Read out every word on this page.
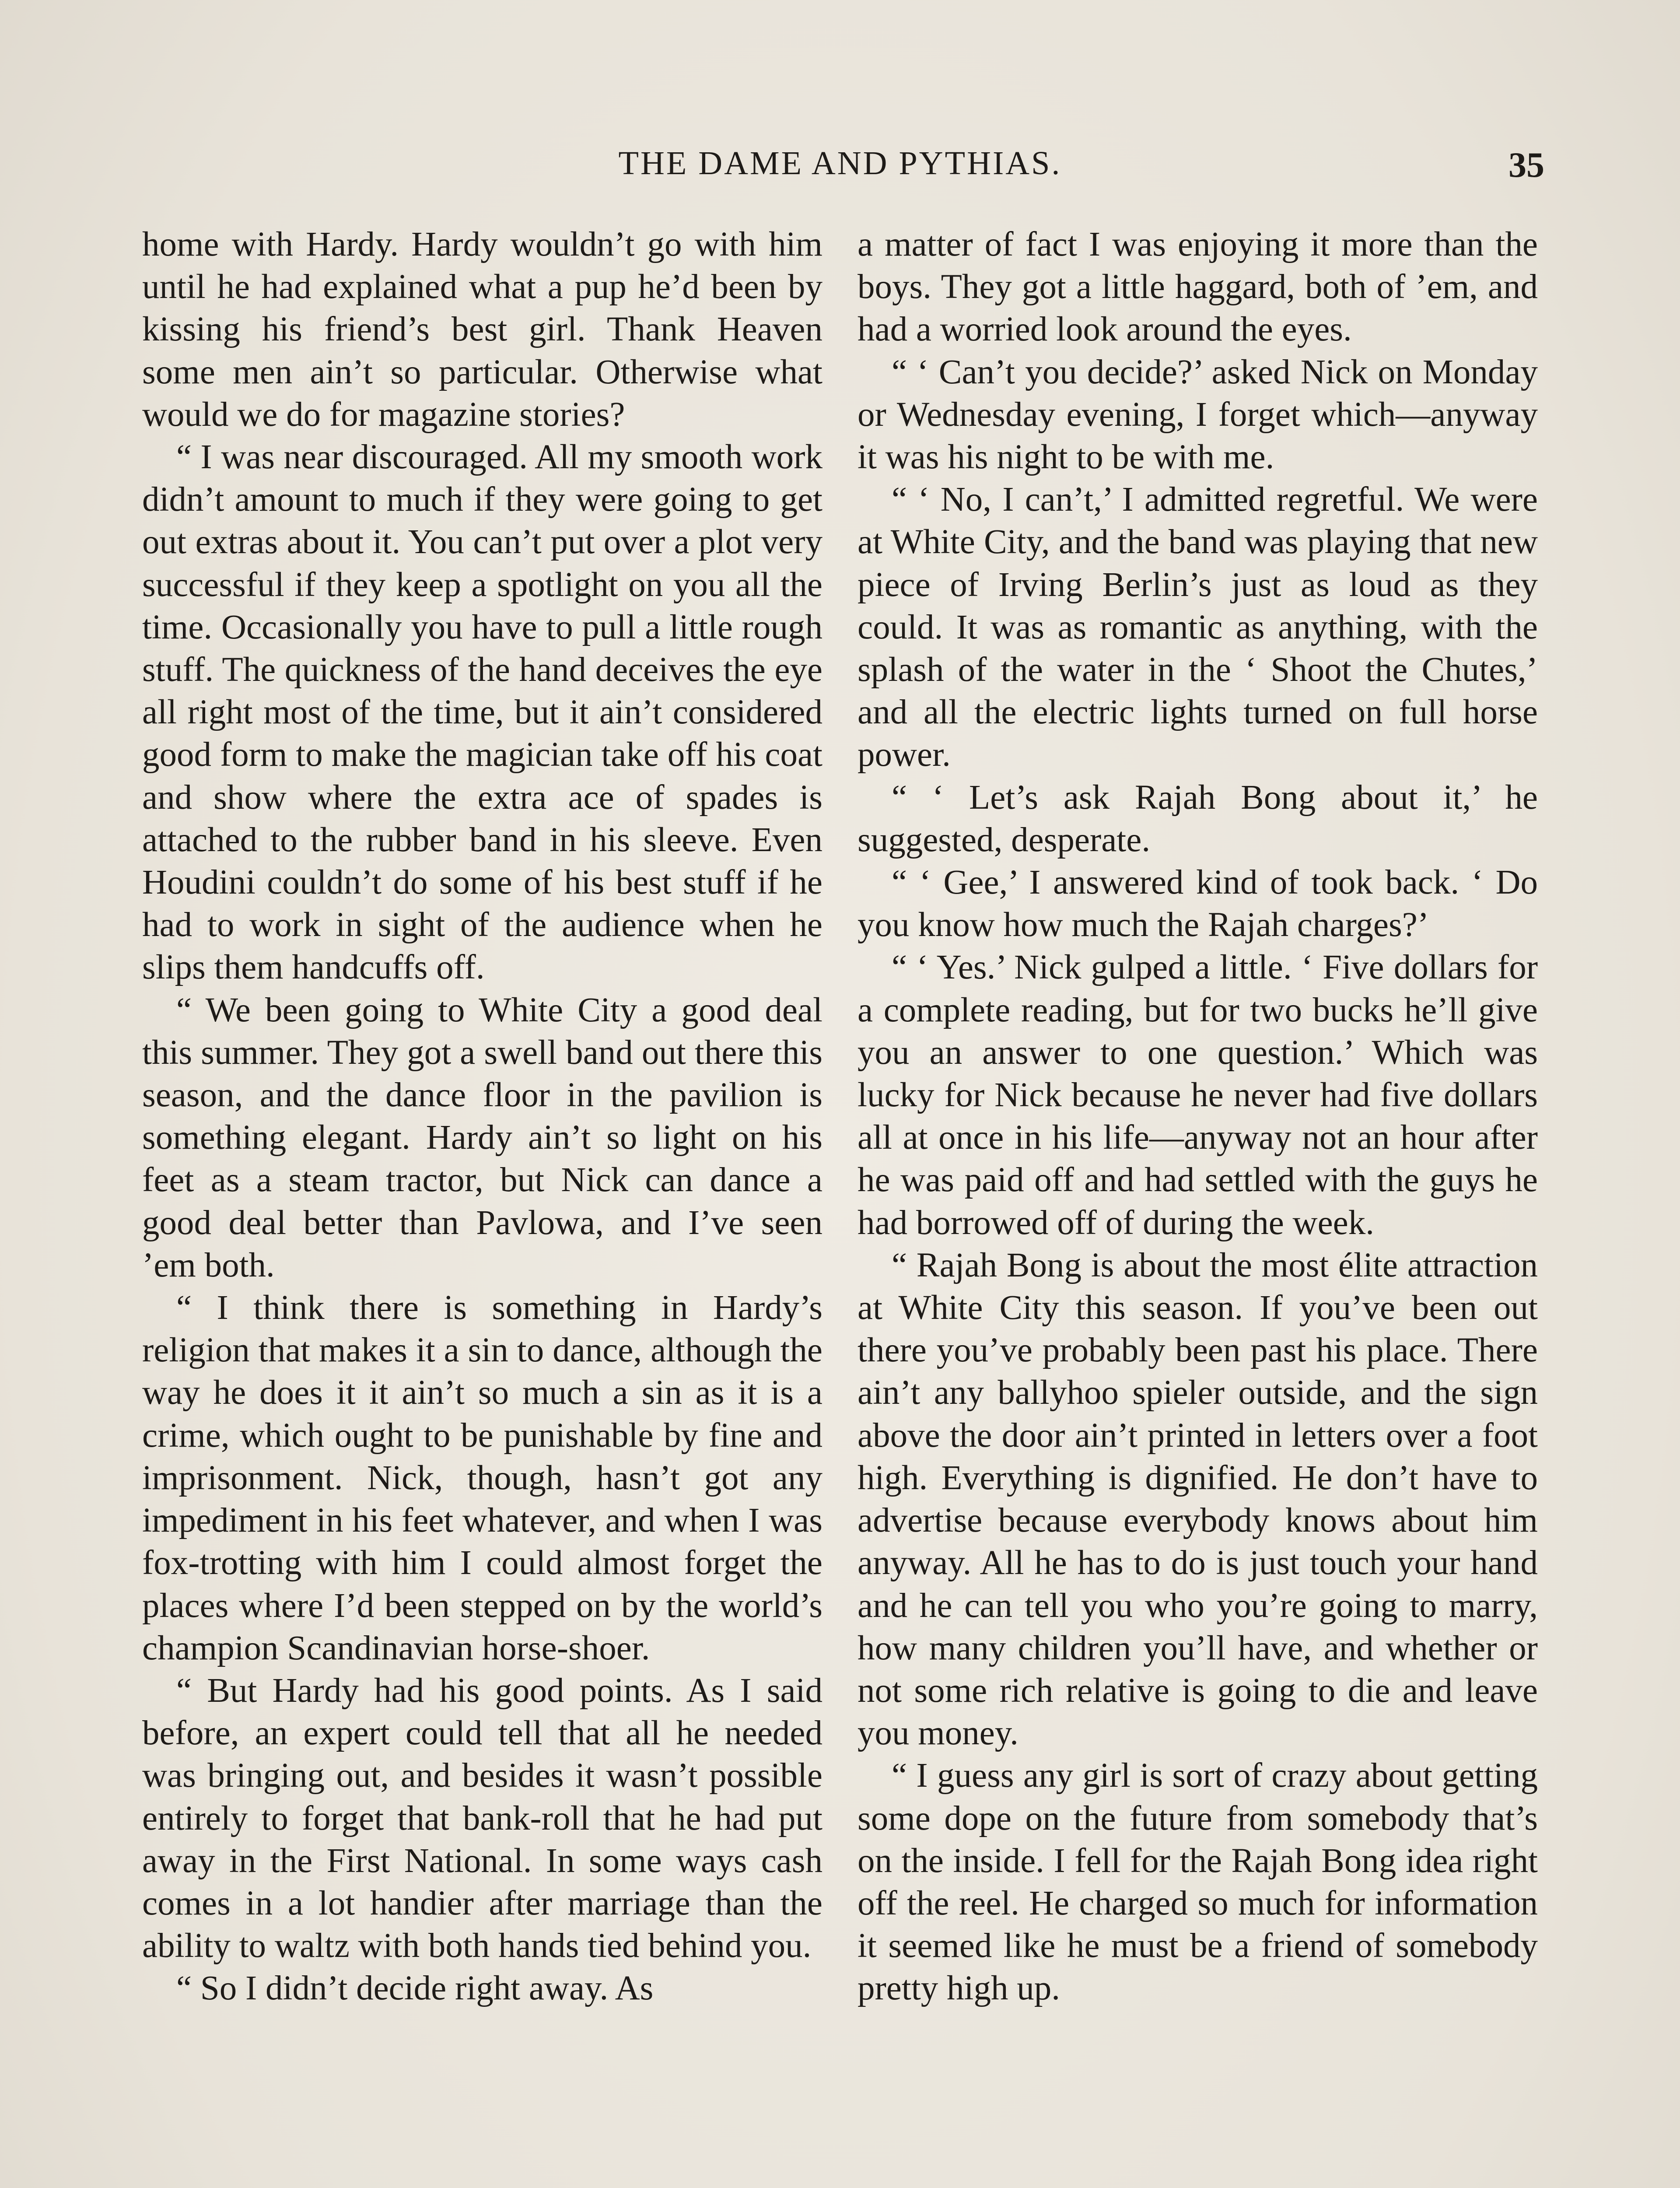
THE DAME AND PYTHIAS.	35

home with Hardy. Hardy wouldn’t go with him until he had explained what a pup he’d been by kissing his friend’s best girl. Thank Heaven some men ain’t so particular. Otherwise what would we do for magazine stories?

“ I was near discouraged. All my smooth work didn’t amount to much if they were going to get out extras about it. You can’t put over a plot very successful if they keep a spotlight on you all the time. Occasionally you have to pull a little rough stuff. The quickness of the hand deceives the eye all right most of the time, but it ain’t considered good form to make the magician take off his coat and show where the extra ace of spades is attached to the rubber band in his sleeve. Even Houdini couldn’t do some of his best stuff if he had to work in sight of the audience when he slips them handcuffs off.

“ We been going to White City a good deal this summer. They got a swell band out there this season, and the dance floor in the pavilion is something elegant. Hardy ain’t so light on his feet as a steam tractor, but Nick can dance a good deal better than Pavlowa, and I’ve seen ’em both.

“ I think there is something in Hardy’s religion that makes it a sin to dance, although the way he does it it ain’t so much a sin as it is a crime, which ought to be punishable by fine and imprisonment. Nick, though, hasn’t got any impediment in his feet whatever, and when I was fox-trotting with him I could almost forget the places where I’d been stepped on by the world’s champion Scandinavian horse-shoer.

“ But Hardy had his good points. As I said before, an expert could tell that all he needed was bringing out, and besides it wasn’t possible entirely to forget that bank-roll that he had put away in the First National. In some ways cash comes in a lot handier after marriage than the ability to waltz with both hands tied behind you.

“ So I didn’t decide right away. As

a matter of fact I was enjoying it more than the boys. They got a little haggard, both of ’em, and had a worried look around the eyes.

“ ‘ Can’t you decide?’ asked Nick on Monday or Wednesday evening, I forget which—anyway it was his night to be with me.

“ ‘ No, I can’t,’ I admitted regretful. We were at White City, and the band was playing that new piece of Irving Berlin’s just as loud as they could. It was as romantic as anything, with the splash of the water in the ‘ Shoot the Chutes,’ and all the electric lights turned on full horse power.

“ ‘ Let’s ask Rajah Bong about it,’ he suggested, desperate.

“ ‘ Gee,’ I answered kind of took back. ‘ Do you know how much the Rajah charges?’

“ ‘ Yes.’ Nick gulped a little. ‘ Five dollars for a complete reading, but for two bucks he’ll give you an answer to one question.’ Which was lucky for Nick because he never had five dollars all at once in his life—anyway not an hour after he was paid off and had settled with the guys he had borrowed off of during the week.

“ Rajah Bong is about the most élite attraction at White City this season. If you’ve been out there you’ve probably been past his place. There ain’t any ballyhoo spieler outside, and the sign above the door ain’t printed in letters over a foot high. Everything is dignified. He don’t have to advertise because everybody knows about him anyway. All he has to do is just touch your hand and he can tell you who you’re going to marry, how many children you’ll have, and whether or not some rich relative is going to die and leave you money.

“ I guess any girl is sort of crazy about getting some dope on the future from somebody that’s on the inside. I fell for the Rajah Bong idea right off the reel. He charged so much for information it seemed like he must be a friend of somebody pretty high up.
